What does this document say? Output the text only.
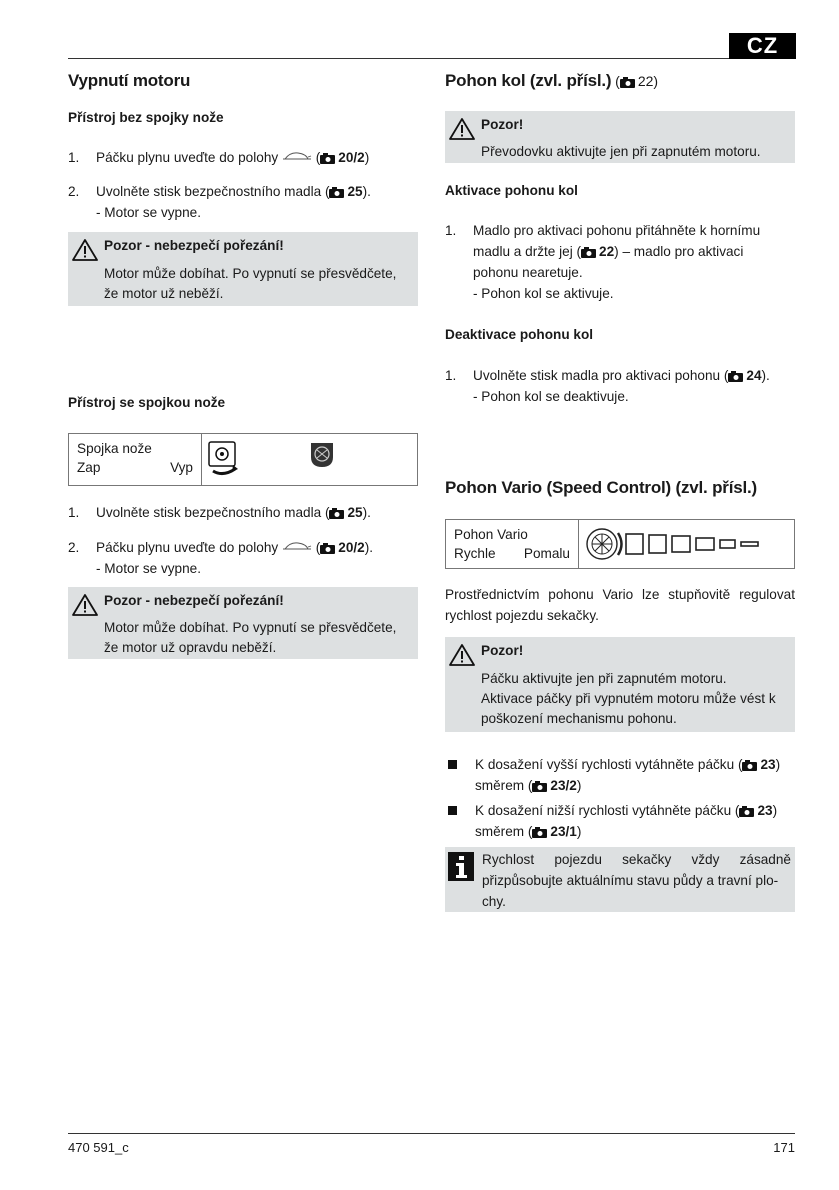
CZ
Vypnutí motoru
Přístroj bez spojky nože
1.	Páčku plynu uveďte do polohy  ( 20/2)
2.	Uvolněte stisk bezpečnostního madla ( 25).
- Motor se vypne.
Pozor - nebezpečí pořezání!
Motor může dobíhat. Po vypnutí se přesvědčete,
že motor už neběží.
Přístroj se spojkou nože
Spojka nože
Zap	Vyp
1.	Uvolněte stisk bezpečnostního madla ( 25).
2.	Páčku plynu uveďte do polohy  ( 20/2).
- Motor se vypne.
Pozor - nebezpečí pořezání!
Motor může dobíhat. Po vypnutí se přesvědčete,
že motor už opravdu neběží.
Pohon kol (zvl. přísl.) ( 22)
Pozor!
Převodovku aktivujte jen při zapnutém motoru.
Aktivace pohonu kol
1.	Madlo pro aktivaci pohonu přitáhněte k hornímu
madlu a držte jej ( 22) – madlo pro aktivaci
pohonu nearetuje.
- Pohon kol se aktivuje.
Deaktivace pohonu kol
1.	Uvolněte stisk madla pro aktivaci pohonu ( 24).
- Pohon kol se deaktivuje.
Pohon Vario (Speed Control) (zvl. přísl.)
Pohon Vario
Rychle Pomalu
Prostřednictvím pohonu Vario lze stupňovitě regulovat
rychlost pojezdu sekačky.
Pozor!
Páčku aktivujte jen při zapnutém motoru.
Aktivace páčky při vypnutém motoru může vést k
poškození mechanismu pohonu.
K dosažení vyšší rychlosti vytáhněte páčku ( 23)
směrem ( 23/2)
K dosažení nižší rychlosti vytáhněte páčku ( 23)
směrem ( 23/1)
Rychlost pojezdu sekačky vždy zásadně
přizpůsobujte aktuálnímu stavu půdy a travní plo-
chy.
470 591_c	171
